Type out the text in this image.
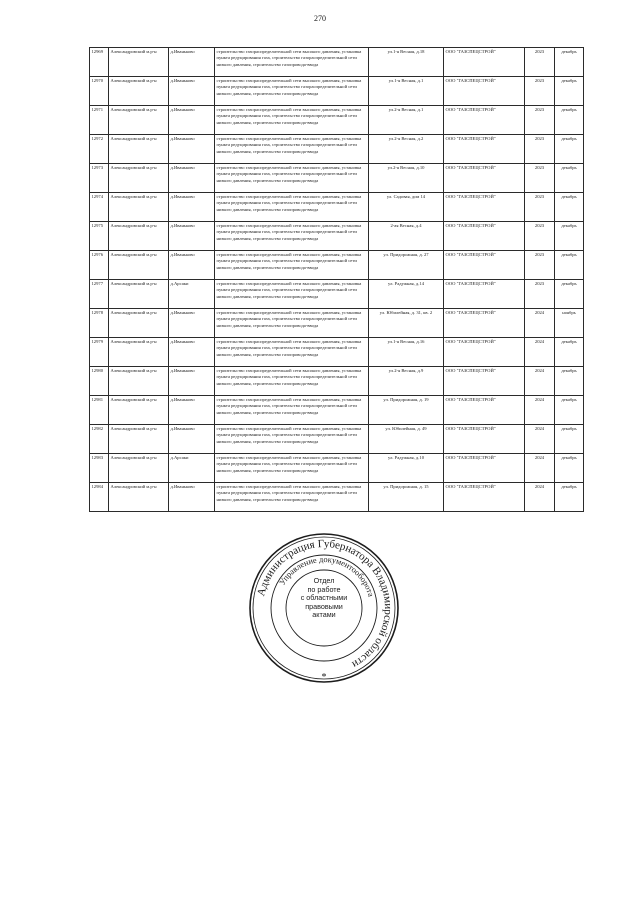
270
12969	Александровский м.р-н	д.Иваньково	строительство газораспределительной сети высокого давления, установка пункта редуцирования газа, строительство газораспределительной сети низкого давления, строительство газопровода-ввода	ул.1-я Весная, д.18	ООО "ГАЗСПЕЦСТРОЙ"	2023	декабрь
12970	Александровский м.р-н	д.Иваньково	строительство газораспределительной сети высокого давления, установка пункта редуцирования газа, строительство газораспределительной сети низкого давления, строительство газопровода-ввода	ул.1-я Весная, д.1	ООО "ГАЗСПЕЦСТРОЙ"	2023	декабрь
12971	Александровский м.р-н	д.Иваньково	строительство газораспределительной сети высокого давления, установка пункта редуцирования газа, строительство газораспределительной сети низкого давления, строительство газопровода-ввода	ул.2-я Весная, д.1	ООО "ГАЗСПЕЦСТРОЙ"	2023	декабрь
12972	Александровский м.р-н	д.Иваньково	строительство газораспределительной сети высокого давления, установка пункта редуцирования газа, строительство газораспределительной сети низкого давления, строительство газопровода-ввода	ул.2-я Весная, д.2	ООО "ГАЗСПЕЦСТРОЙ"	2023	декабрь
12973	Александровский м.р-н	д.Иваньково	строительство газораспределительной сети высокого давления, установка пункта редуцирования газа, строительство газораспределительной сети низкого давления, строительство газопровода-ввода	ул.2-я Весная, д.10	ООО "ГАЗСПЕЦСТРОЙ"	2023	декабрь
12974	Александровский м.р-н	д.Иваньково	строительство газораспределительной сети высокого давления, установка пункта редуцирования газа, строительство газораспределительной сети низкого давления, строительство газопровода-ввода	ул. Садовая, дом 14	ООО "ГАЗСПЕЦСТРОЙ"	2023	декабрь
12975	Александровский м.р-н	д.Иваньково	строительство газораспределительной сети высокого давления, установка пункта редуцирования газа, строительство газораспределительной сети низкого давления, строительство газопровода-ввода	2-ая Весная, д.4	ООО "ГАЗСПЕЦСТРОЙ"	2023	декабрь
12976	Александровский м.р-н	д.Иваньково	строительство газораспределительной сети высокого давления, установка пункта редуцирования газа, строительство газораспределительной сети низкого давления, строительство газопровода-ввода	ул. Придорожная, д. 27	ООО "ГАЗСПЕЦСТРОЙ"	2023	декабрь
12977	Александровский м.р-н	д.Арсаки	строительство газораспределительной сети высокого давления, установка пункта редуцирования газа, строительство газораспределительной сети низкого давления, строительство газопровода-ввода	ул. Радужная, д.14	ООО "ГАЗСПЕЦСТРОЙ"	2023	декабрь
12978	Александровский м.р-н	д.Иваньково	строительство газораспределительной сети высокого давления, установка пункта редуцирования газа, строительство газораспределительной сети низкого давления, строительство газопровода-ввода	ул. Юбилейная, д. 31, кв. 2	ООО "ГАЗСПЕЦСТРОЙ"	2024	ноябрь
12979	Александровский м.р-н	д.Иваньково	строительство газораспределительной сети высокого давления, установка пункта редуцирования газа, строительство газораспределительной сети низкого давления, строительство газопровода-ввода	ул.1-я Весная, д.16	ООО "ГАЗСПЕЦСТРОЙ"	2024	декабрь
12980	Александровский м.р-н	д.Иваньково	строительство газораспределительной сети высокого давления, установка пункта редуцирования газа, строительство газораспределительной сети низкого давления, строительство газопровода-ввода	ул.2-я Весная, д.9	ООО "ГАЗСПЕЦСТРОЙ"	2024	декабрь
12981	Александровский м.р-н	д.Иваньково	строительство газораспределительной сети высокого давления, установка пункта редуцирования газа, строительство газораспределительной сети низкого давления, строительство газопровода-ввода	ул. Придорожная, д. 19	ООО "ГАЗСПЕЦСТРОЙ"	2024	декабрь
12982	Александровский м.р-н	д.Иваньково	строительство газораспределительной сети высокого давления, установка пункта редуцирования газа, строительство газораспределительной сети низкого давления, строительство газопровода-ввода	ул. Юбилейная, д. 49	ООО "ГАЗСПЕЦСТРОЙ"	2024	декабрь
12983	Александровский м.р-н	д.Арсаки	строительство газораспределительной сети высокого давления, установка пункта редуцирования газа, строительство газораспределительной сети низкого давления, строительство газопровода-ввода	ул. Радужная, д.10	ООО "ГАЗСПЕЦСТРОЙ"	2024	декабрь
12984	Александровский м.р-н	д.Иваньково	строительство газораспределительной сети высокого давления, установка пункта редуцирования газа, строительство газораспределительной сети низкого давления, строительство газопровода-ввода	ул. Придорожная, д. 15	ООО "ГАЗСПЕЦСТРОЙ"	2024	декабрь
Администрация Губернатора Владимирской области
Управление документооборота
*
Отдел
по работе
с областными
правовыми
актами
